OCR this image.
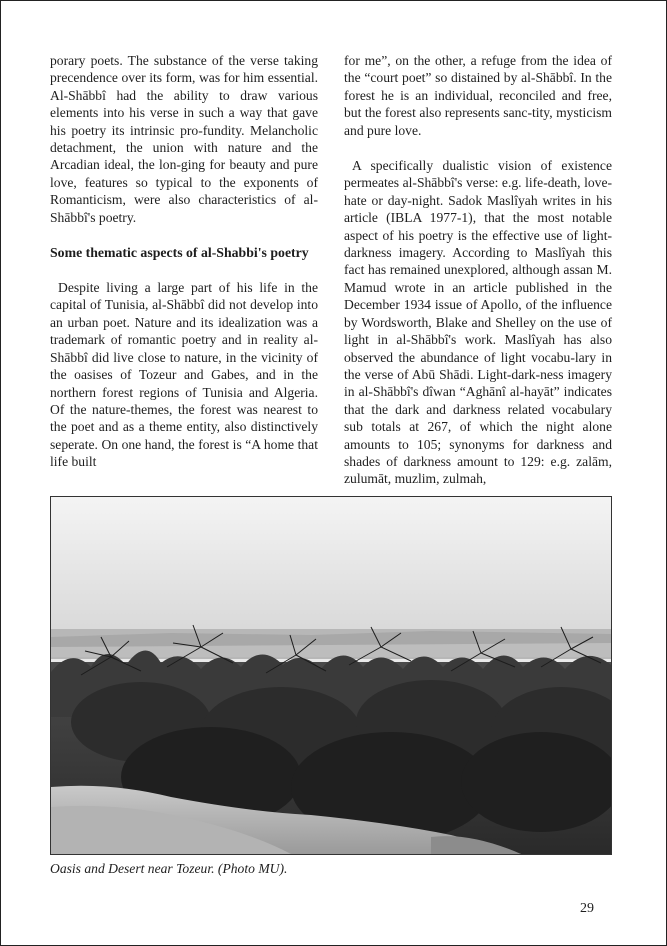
porary poets. The substance of the verse taking precendence over its form, was for him essential. Al-Shābbî had the ability to draw various elements into his verse in such a way that gave his poetry its intrinsic pro-fundity. Melancholic detachment, the union with nature and the Arcadian ideal, the lon-ging for beauty and pure love, features so typical to the exponents of Romanticism, were also characteristics of al-Shābbî's poetry.

Some thematic aspects of al-Shabbi's poetry

Despite living a large part of his life in the capital of Tunisia, al-Shābbî did not develop into an urban poet. Nature and its idealization was a trademark of romantic poetry and in reality al-Shābbî did live close to nature, in the vicinity of the oasises of Tozeur and Gabes, and in the northern forest regions of Tunisia and Algeria. Of the nature-themes, the forest was nearest to the poet and as a theme entity, also distinctively seperate. On one hand, the forest is “A home that life built

for me”, on the other, a refuge from the idea of the “court poet” so distained by al-Shābbî. In the forest he is an individual, reconciled and free, but the forest also represents sanc-tity, mysticism and pure love.

A specifically dualistic vision of existence permeates al-Shābbî's verse: e.g. life-death, love-hate or day-night. Sadok Maslîyah writes in his article (IBLA 1977-1), that the most notable aspect of his poetry is the effective use of light-darkness imagery. According to Maslîyah this fact has remained unexplored, although assan M. Mamud wrote in an article published in the December 1934 issue of Apollo, of the influence by Wordsworth, Blake and Shelley on the use of light in al-Shābbî's work. Maslîyah has also observed the abundance of light vocabu-lary in the verse of Abū Shādi. Light-dark-ness imagery in al-Shābbî's dîwan “Aghānî al-hayāt” indicates that the dark and darkness related vocabulary sub totals at 267, of which the night alone amounts to 105; synonyms for darkness and shades of darkness amount to 129: e.g. zalām, zulumāt, muzlim, zulmah,

Oasis and Desert near Tozeur. (Photo MU).

29
